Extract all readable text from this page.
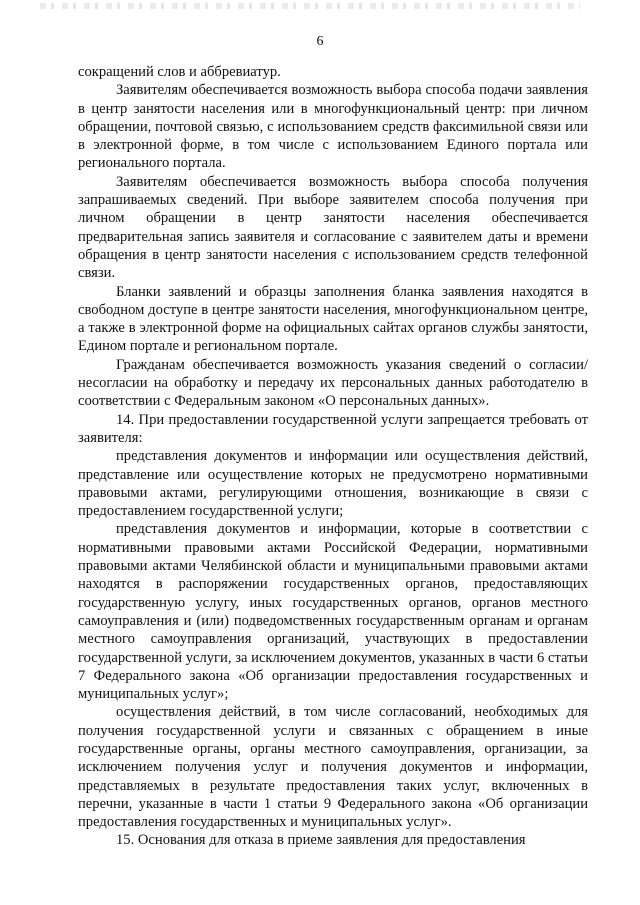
6

сокращений слов и аббревиатур.

Заявителям обеспечивается возможность выбора способа подачи заявления в центр занятости населения или в многофункциональный центр: при личном обращении, почтовой связью, с использованием средств факсимильной связи или в электронной форме, в том числе с использованием Единого портала или регионального портала.

Заявителям обеспечивается возможность выбора способа получения запрашиваемых сведений. При выборе заявителем способа получения при личном обращении в центр занятости населения обеспечивается предварительная запись заявителя и согласование с заявителем даты и времени обращения в центр занятости населения с использованием средств телефонной связи.

Бланки заявлений и образцы заполнения бланка заявления находятся в свободном доступе в центре занятости населения, многофункциональном центре, а также в электронной форме на официальных сайтах органов службы занятости, Едином портале и региональном портале.

Гражданам обеспечивается возможность указания сведений о согласии/несогласии на обработку и передачу их персональных данных работодателю в соответствии с Федеральным законом «О персональных данных».

14. При предоставлении государственной услуги запрещается требовать от заявителя:

представления документов и информации или осуществления действий, представление или осуществление которых не предусмотрено нормативными правовыми актами, регулирующими отношения, возникающие в связи с предоставлением государственной услуги;

представления документов и информации, которые в соответствии с нормативными правовыми актами Российской Федерации, нормативными правовыми актами Челябинской области и муниципальными правовыми актами находятся в распоряжении государственных органов, предоставляющих государственную услугу, иных государственных органов, органов местного самоуправления и (или) подведомственных государственным органам и органам местного самоуправления организаций, участвующих в предоставлении государственной услуги, за исключением документов, указанных в части 6 статьи 7 Федерального закона «Об организации предоставления государственных и муниципальных услуг»;

осуществления действий, в том числе согласований, необходимых для получения государственной услуги и связанных с обращением в иные государственные органы, органы местного самоуправления, организации, за исключением получения услуг и получения документов и информации, представляемых в результате предоставления таких услуг, включенных в перечни, указанные в части 1 статьи 9 Федерального закона «Об организации предоставления государственных и муниципальных услуг».

15. Основания для отказа в приеме заявления для предоставления
